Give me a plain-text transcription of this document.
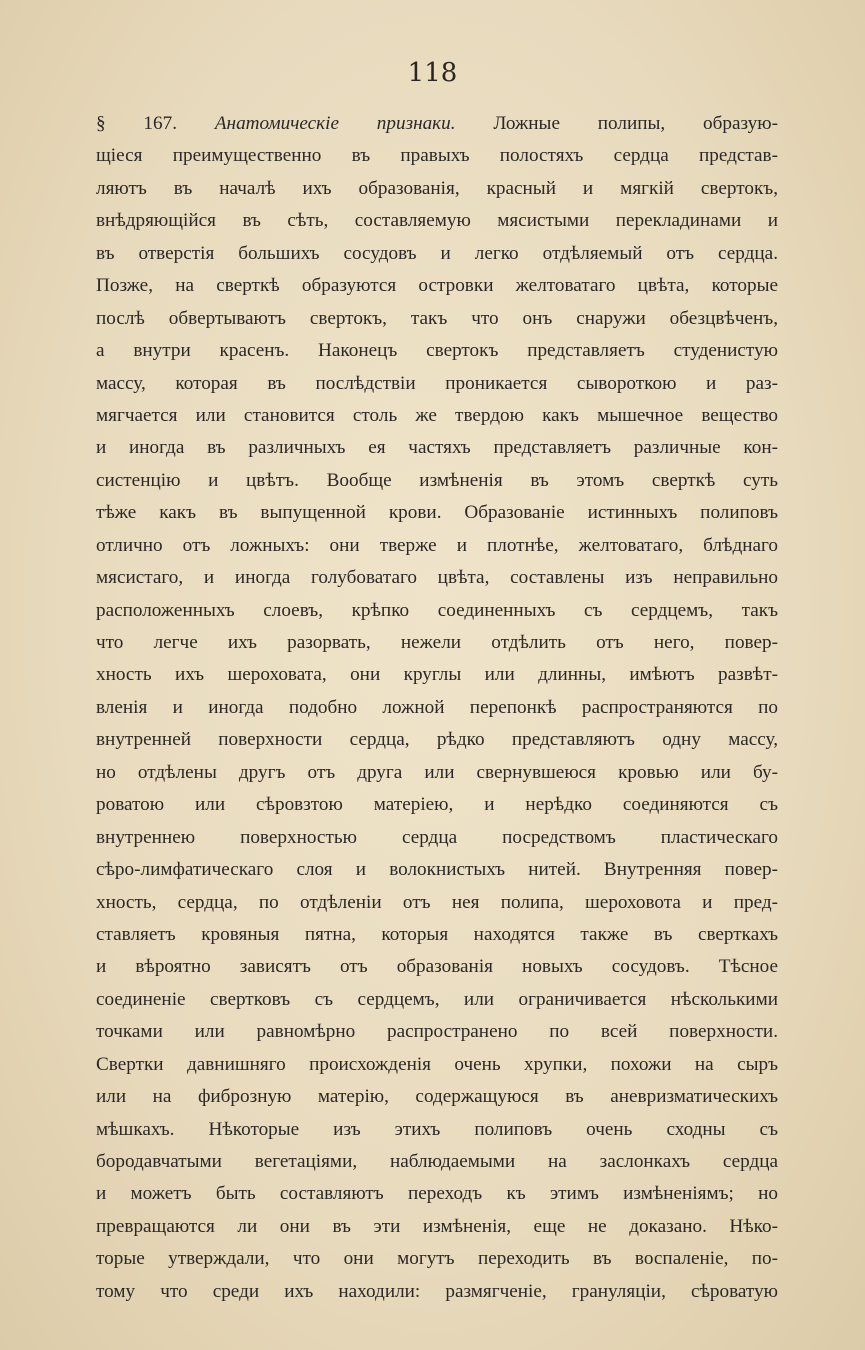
118
§ 167. Анатомическіе признаки. Ложные полипы, образую-
щіеся преимущественно въ правыхъ полостяхъ сердца представ-
ляютъ въ началѣ ихъ образованія, красный и мягкій свертокъ,
внѣдряющійся въ сѣть, составляемую мясистыми перекладинами и
въ отверстія большихъ сосудовъ и легко отдѣляемый отъ сердца.
Позже, на сверткѣ образуются островки желтоватаго цвѣта, которые
послѣ обвертываютъ свертокъ, такъ что онъ снаружи обезцвѣченъ,
а внутри красенъ. Наконецъ свертокъ представляетъ студенистую
массу, которая въ послѣдствіи проникается сывороткою и раз-
мягчается или становится столь же твердою какъ мышечное вещество
и иногда въ различныхъ ея частяхъ представляетъ различные кон-
систенцію и цвѣтъ. Вообще измѣненія въ этомъ сверткѣ суть
тѣже какъ въ выпущенной крови. Образованіе истинныхъ полиповъ
отлично отъ ложныхъ: они тверже и плотнѣе, желтоватаго, блѣднаго
мясистаго, и иногда голубоватаго цвѣта, составлены изъ неправильно
расположенныхъ слоевъ, крѣпко соединенныхъ съ сердцемъ, такъ
что легче ихъ разорвать, нежели отдѣлить отъ него, повер-
хность ихъ шероховата, они круглы или длинны, имѣютъ развѣт-
вленія и иногда подобно ложной перепонкѣ распространяются по
внутренней поверхности сердца, рѣдко представляютъ одну массу,
но отдѣлены другъ отъ друга или свернувшеюся кровью или бу-
роватою или сѣровзтою матеріею, и нерѣдко соединяются съ
внутреннею поверхностью сердца посредствомъ пластическаго
сѣро-лимфатическаго слоя и волокнистыхъ нитей. Внутренняя повер-
хность, сердца, по отдѣленіи отъ нея полипа, шероховота и пред-
ставляетъ кровяныя пятна, которыя находятся также въ сверткахъ
и вѣроятно зависятъ отъ образованія новыхъ сосудовъ. Тѣсное
соединеніе свертковъ съ сердцемъ, или ограничивается нѣсколькими
точками или равномѣрно распространено по всей поверхности.
Свертки давнишняго происхожденія очень хрупки, похожи на сыръ
или на фиброзную матерію, содержащуюся въ аневризматическихъ
мѣшкахъ. Нѣкоторые изъ этихъ полиповъ очень сходны съ
бородавчатыми вегетаціями, наблюдаемыми на заслонкахъ сердца
и можетъ быть составляютъ переходъ къ этимъ измѣненіямъ; но
превращаются ли они въ эти измѣненія, еще не доказано. Нѣко-
торые утверждали, что они могутъ переходить въ воспаленіе, по-
тому что среди ихъ находили: размягченіе, грануляціи, сѣроватую
